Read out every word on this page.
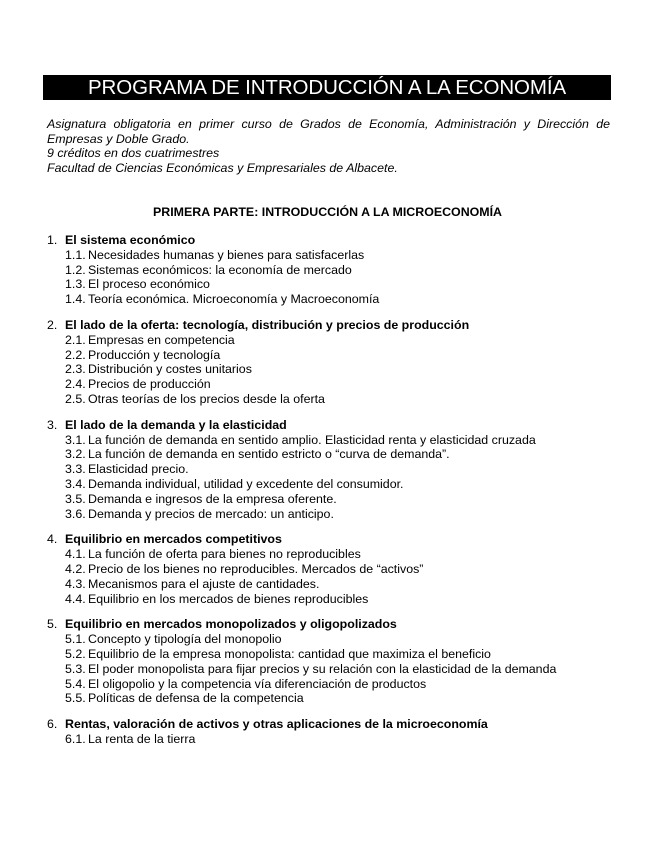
PROGRAMA DE INTRODUCCIÓN A LA ECONOMÍA

Asignatura obligatoria en primer curso de Grados de Economía, Administración y Dirección de Empresas y Doble Grado.

9 créditos en dos cuatrimestres

Facultad de Ciencias Económicas y Empresariales de Albacete.

PRIMERA PARTE: INTRODUCCIÓN A LA MICROECONOMÍA
1. El sistema económico
1.1. Necesidades humanas y bienes para satisfacerlas
1.2. Sistemas económicos: la economía de mercado
1.3. El proceso económico
1.4. Teoría económica. Microeconomía y Macroeconomía
2. El lado de la oferta: tecnología, distribución y precios de producción
2.1. Empresas en competencia
2.2. Producción y tecnología
2.3. Distribución y costes unitarios
2.4. Precios de producción
2.5. Otras teorías de los precios desde la oferta
3. El lado de la demanda y la elasticidad
3.1. La función de demanda en sentido amplio. Elasticidad renta y elasticidad cruzada
3.2. La función de demanda en sentido estricto o “curva de demanda”.
3.3. Elasticidad precio.
3.4. Demanda individual, utilidad y excedente del consumidor.
3.5. Demanda e ingresos de la empresa oferente.
3.6. Demanda y precios de mercado: un anticipo.
4. Equilibrio en mercados competitivos
4.1. La función de oferta para bienes no reproducibles
4.2. Precio de los bienes no reproducibles. Mercados de “activos”
4.3. Mecanismos para el ajuste de cantidades.
4.4. Equilibrio en los mercados de bienes reproducibles
5. Equilibrio en mercados monopolizados y oligopolizados
5.1. Concepto y tipología del monopolio
5.2. Equilibrio de la empresa monopolista: cantidad que maximiza el beneficio
5.3. El poder monopolista para fijar precios y su relación con la elasticidad de la demanda
5.4. El oligopolio y la competencia vía diferenciación de productos
5.5. Políticas de defensa de la competencia
6. Rentas, valoración de activos y otras aplicaciones de la microeconomía
6.1. La renta de la tierra
